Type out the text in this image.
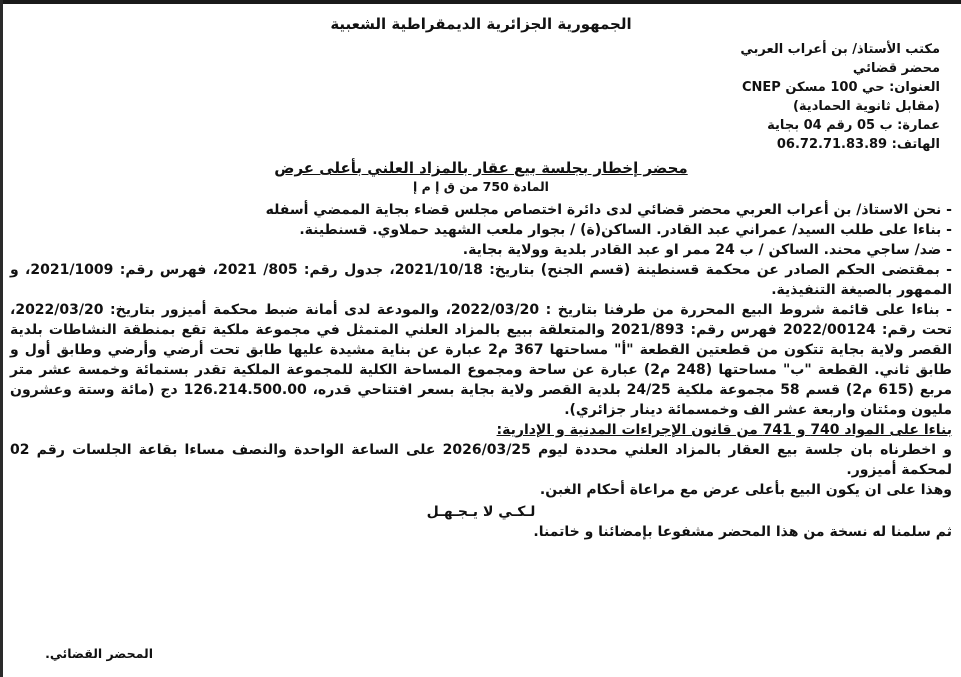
الجمهورية الجزائرية الديمقراطية الشعبية
مكتب الأستاذ/ بن أعراب العربي
محضر قضائي
العنوان: حي 100 مسكن CNEP
(مقابل ثانوية الحمادية)
عمارة: ب 05 رقم 04 بجاية
الهاتف: 06.72.71.83.89
محضر إخطار بجلسة بيع عقار بالمزاد العلني بأعلى عرض
المادة 750 من ق إ م إ

- نحن الاستاذ/ بن أعراب العربي محضر قضائي لدى دائرة اختصاص مجلس قضاء بجاية الممضي أسفله

- بناءا على طلب السيد/ عمراني عبد القادر. الساكن(ة) / بجوار ملعب الشهيد حملاوي. قسنطينة.

- ضد/ ساجي محند. الساكن / ب 24 ممر او عبد القادر بلدية وولاية بجاية.

- بمقتضى الحكم الصادر عن محكمة قسنطينة (قسم الجنح) بتاريخ: 2021/10/18، جدول رقم: 805/ 2021، فهرس رقم: 2021/1009، و الممهور بالصيغة التنفيذية.

- بناءا على قائمة شروط البيع المحررة من طرفنا بتاريخ : 2022/03/20، والمودعة لدى أمانة ضبط محكمة أميزور بتاريخ: 2022/03/20، تحت رقم: 2022/00124 فهرس رقم: 2021/893 والمتعلقة ببيع بالمزاد العلني المتمثل في مجموعة ملكية تقع بمنطقة النشاطات بلدية القصر ولاية بجاية تتكون من قطعتين القطعة "أ" مساحتها 367 م2 عبارة عن بناية مشيدة عليها طابق تحت أرضي وأرضي وطابق أول و طابق ثاني. القطعة "ب" مساحتها (248 م2) عبارة عن ساحة ومجموع المساحة الكلية للمجموعة الملكية تقدر بستمائة وخمسة عشر متر مربع (615 م2) قسم 58 مجموعة ملكية 24/25 بلدية القصر ولاية بجاية بسعر افتتاحي قدره، 126.214.500.00 دج (مائة وستة وعشرون مليون ومئتان واربعة عشر الف وخمسمائة دينار جزائري).

بناءا على المواد 740 و 741 من قانون الإجراءات المدنية و الإدارية:

و اخطرناه بان جلسة بيع العقار بالمزاد العلني محددة ليوم 2026/03/25 على الساعة الواحدة والنصف مساءا بقاعة الجلسات رقم 02 لمحكمة أميزور.

وهذا على ان يكون البيع بأعلى عرض مع مراعاة أحكام الغبن.

لـكـي لا يـجـهـل

ثم سلمنا له نسخة من هذا المحضر مشفوعا بإمضائنا و خاتمنا.

المحضر القضائي.
